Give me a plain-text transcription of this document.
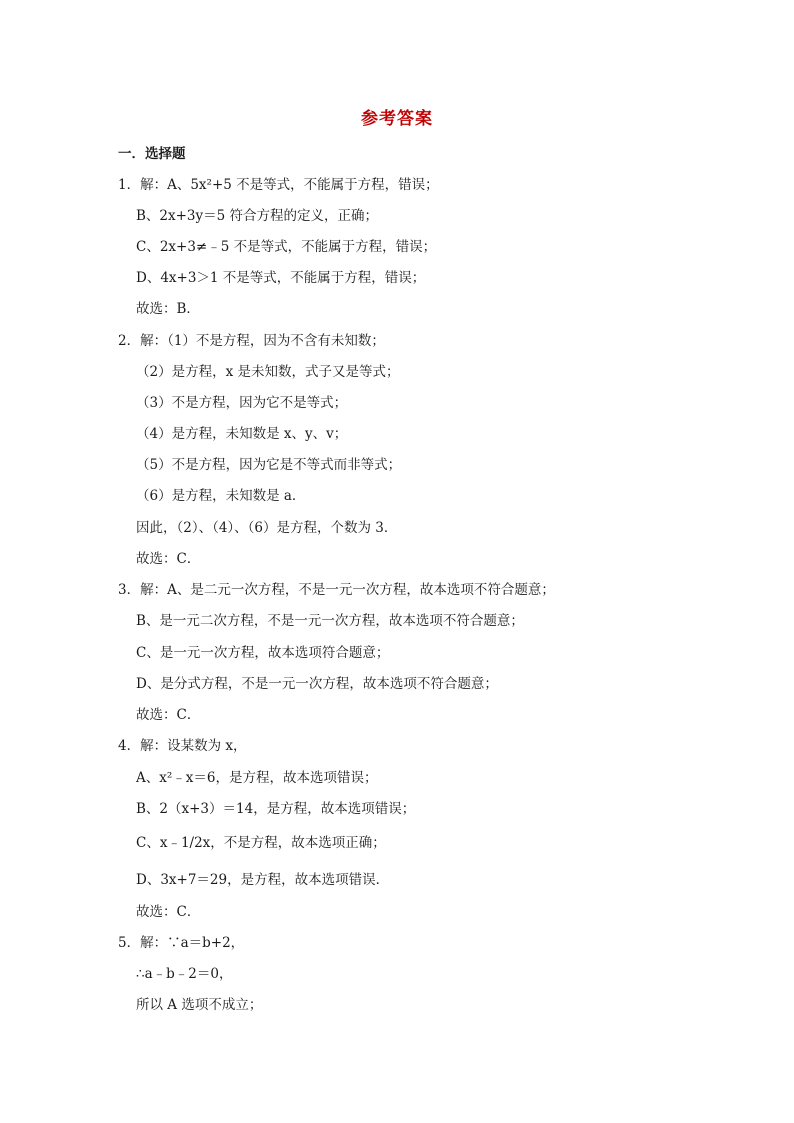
参考答案
一．选择题
1．解：A、5x²+5 不是等式，不能属于方程，错误；
B、2x+3y＝5 符合方程的定义，正确；
C、2x+3≠﹣5 不是等式，不能属于方程，错误；
D、4x+3＞1 不是等式，不能属于方程，错误；
故选：B．
2．解：（1）不是方程，因为不含有未知数；
（2）是方程，x 是未知数，式子又是等式；
（3）不是方程，因为它不是等式；
（4）是方程，未知数是 x、y、v；
（5）不是方程，因为它是不等式而非等式；
（6）是方程，未知数是 a．
因此，（2）、（4）、（6）是方程，个数为 3．
故选：C．
3．解：A、是二元一次方程，不是一元一次方程，故本选项不符合题意；
B、是一元二次方程，不是一元一次方程，故本选项不符合题意；
C、是一元一次方程，故本选项符合题意；
D、是分式方程，不是一元一次方程，故本选项不符合题意；
故选：C．
4．解：设某数为 x，
A、x²﹣x＝6，是方程，故本选项错误；
B、2（x+3）＝14，是方程，故本选项错误；
C、x﹣1/2x，不是方程，故本选项正确；
D、3x+7＝29，是方程，故本选项错误．
故选：C．
5．解：∵a＝b+2，
∴a﹣b﹣2＝0，
所以 A 选项不成立；
